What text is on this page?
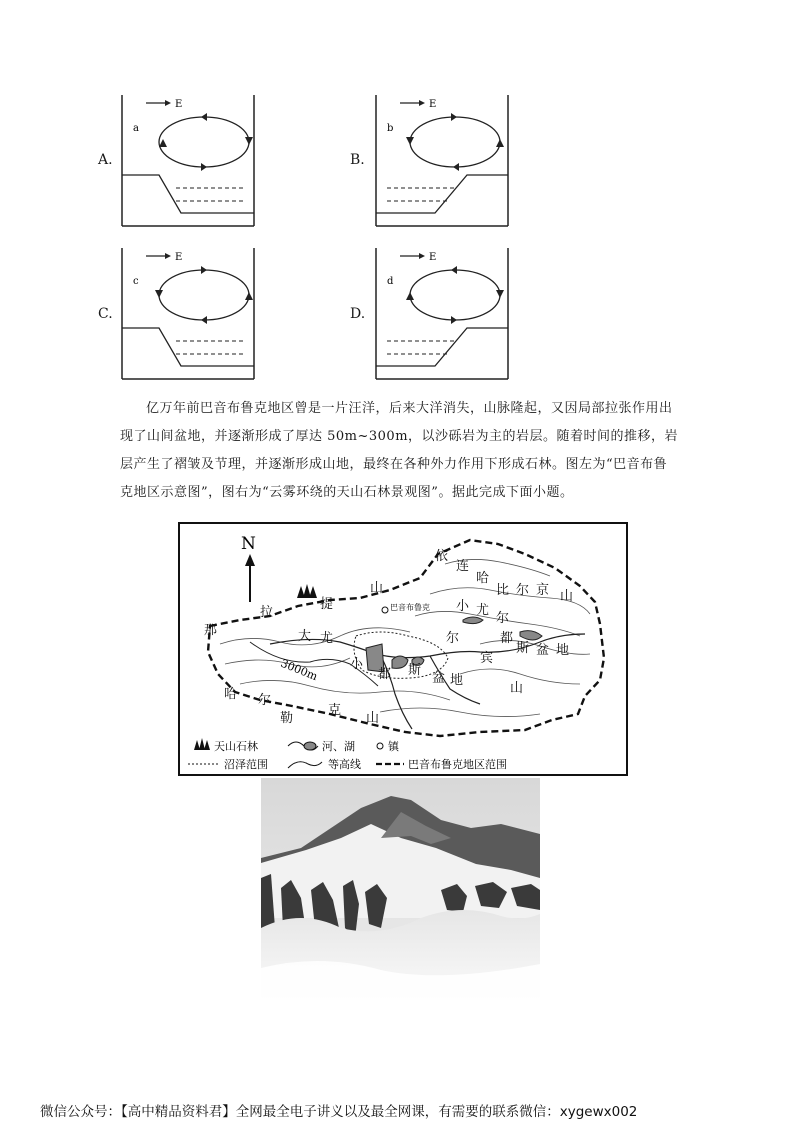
A.
E
a
B.
E
b
C.
E
c
D.
E
d

亿万年前巴音布鲁克地区曾是一片汪洋，后来大洋消失，山脉隆起，又因局部拉张作用出现了山间盆地，并逐渐形成了厚达 50m~300m，以沙砾岩为主的岩层。随着时间的推移，岩层产生了褶皱及节理，并逐渐形成山地，最终在各种外力作用下形成石林。图左为“巴音布鲁克地区示意图”，图右为“云雾环绕的天山石林景观图”。据此完成下面小题。

N
3000m
巴音布鲁克
那
拉
提
山
依
连
哈
比 尔 京 山
大 尤
小 尤
尔
都
斯 盆 地
小
都 斯
盆 地
尔
宾
山
哈 尔
勒
克
山
天山石林	河、湖	镇
沼泽范围	等高线	巴音布鲁克地区范围
微信公众号：【高中精品资料君】全网最全电子讲义以及最全网课，有需要的联系微信：xygewx002
